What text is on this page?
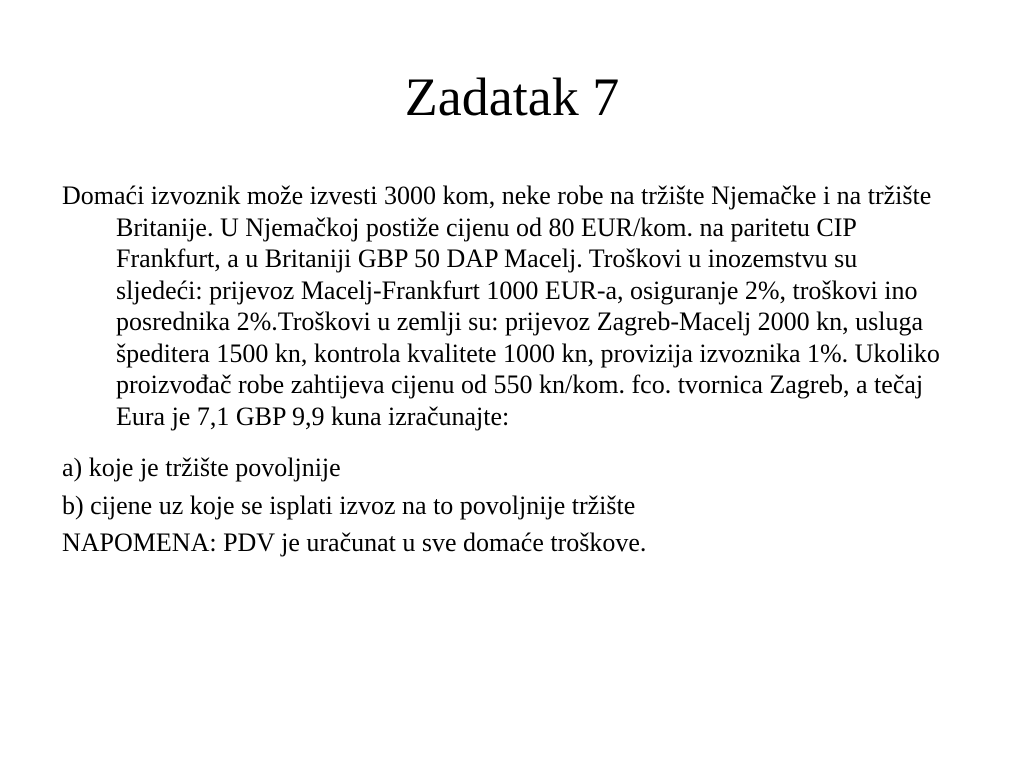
Zadatak 7

Domaći izvoznik može izvesti 3000 kom, neke robe na tržište Njemačke i na tržište Britanije. U Njemačkoj postiže cijenu od 80 EUR/kom. na paritetu CIP Frankfurt, a u Britaniji GBP 50 DAP Macelj. Troškovi u inozemstvu su sljedeći: prijevoz Macelj-Frankfurt 1000 EUR-a, osiguranje 2%, troškovi ino posrednika 2%.Troškovi u zemlji su: prijevoz Zagreb-Macelj 2000 kn, usluga špeditera 1500 kn, kontrola kvalitete 1000 kn, provizija izvoznika 1%. Ukoliko proizvođač robe zahtijeva cijenu od 550 kn/kom. fco. tvornica Zagreb, a tečaj Eura je 7,1 GBP 9,9 kuna izračunajte:

a) koje je tržište povoljnije

b) cijene uz koje se isplati izvoz na to povoljnije tržište

NAPOMENA: PDV je uračunat u sve domaće troškove.
